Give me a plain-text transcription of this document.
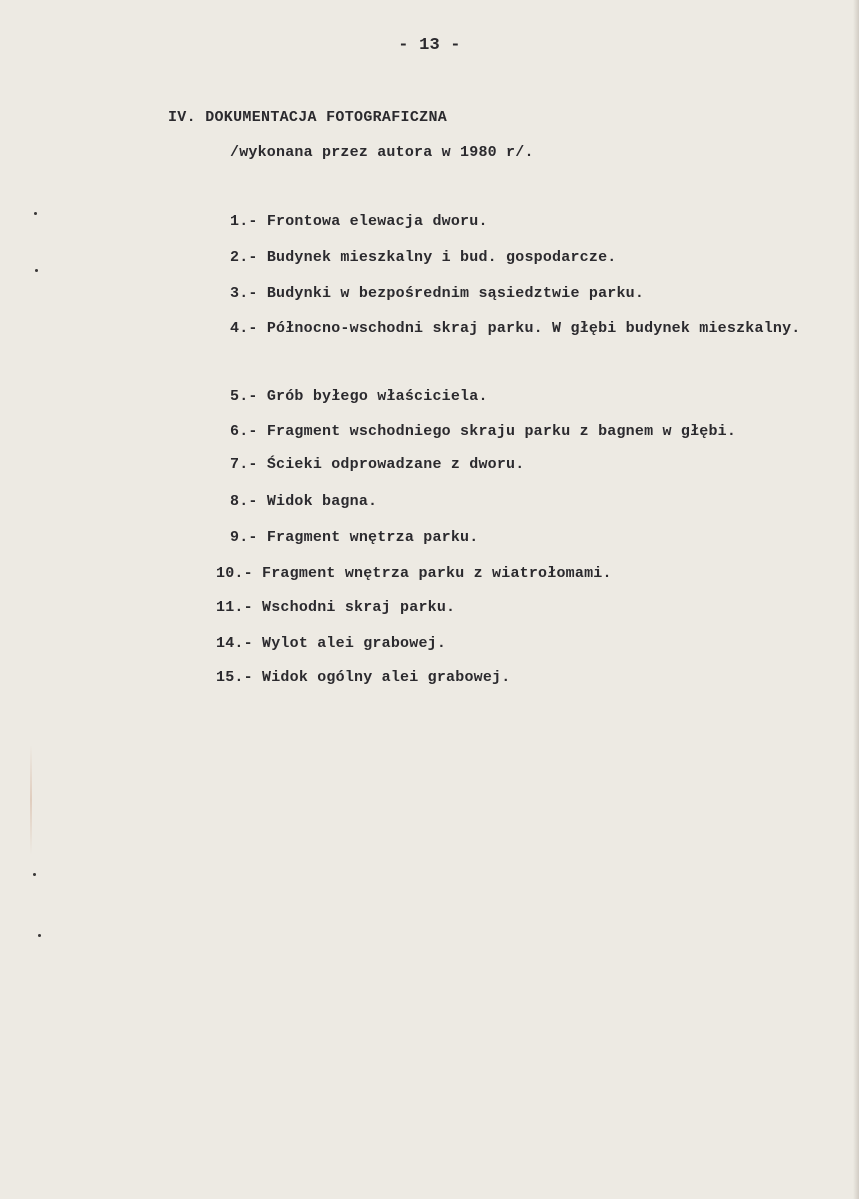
- 13 -
IV. DOKUMENTACJA FOTOGRAFICZNA
/wykonana przez autora w 1980 r/.
1.- Frontowa elewacja dworu.
2.- Budynek mieszkalny i bud. gospodarcze.
3.- Budynki w bezpośrednim sąsiedztwie parku.
4.- Północno-wschodni skraj parku. W głębi budynek mieszkalny.
5.- Grób byłego właściciela.
6.- Fragment wschodniego skraju parku z bagnem w głębi.
7.- Ścieki odprowadzane z dworu.
8.- Widok bagna.
9.- Fragment wnętrza parku.
10.- Fragment wnętrza parku z wiatrołomami.
11.- Wschodni skraj parku.
14.- Wylot alei grabowej.
15.- Widok ogólny alei grabowej.
